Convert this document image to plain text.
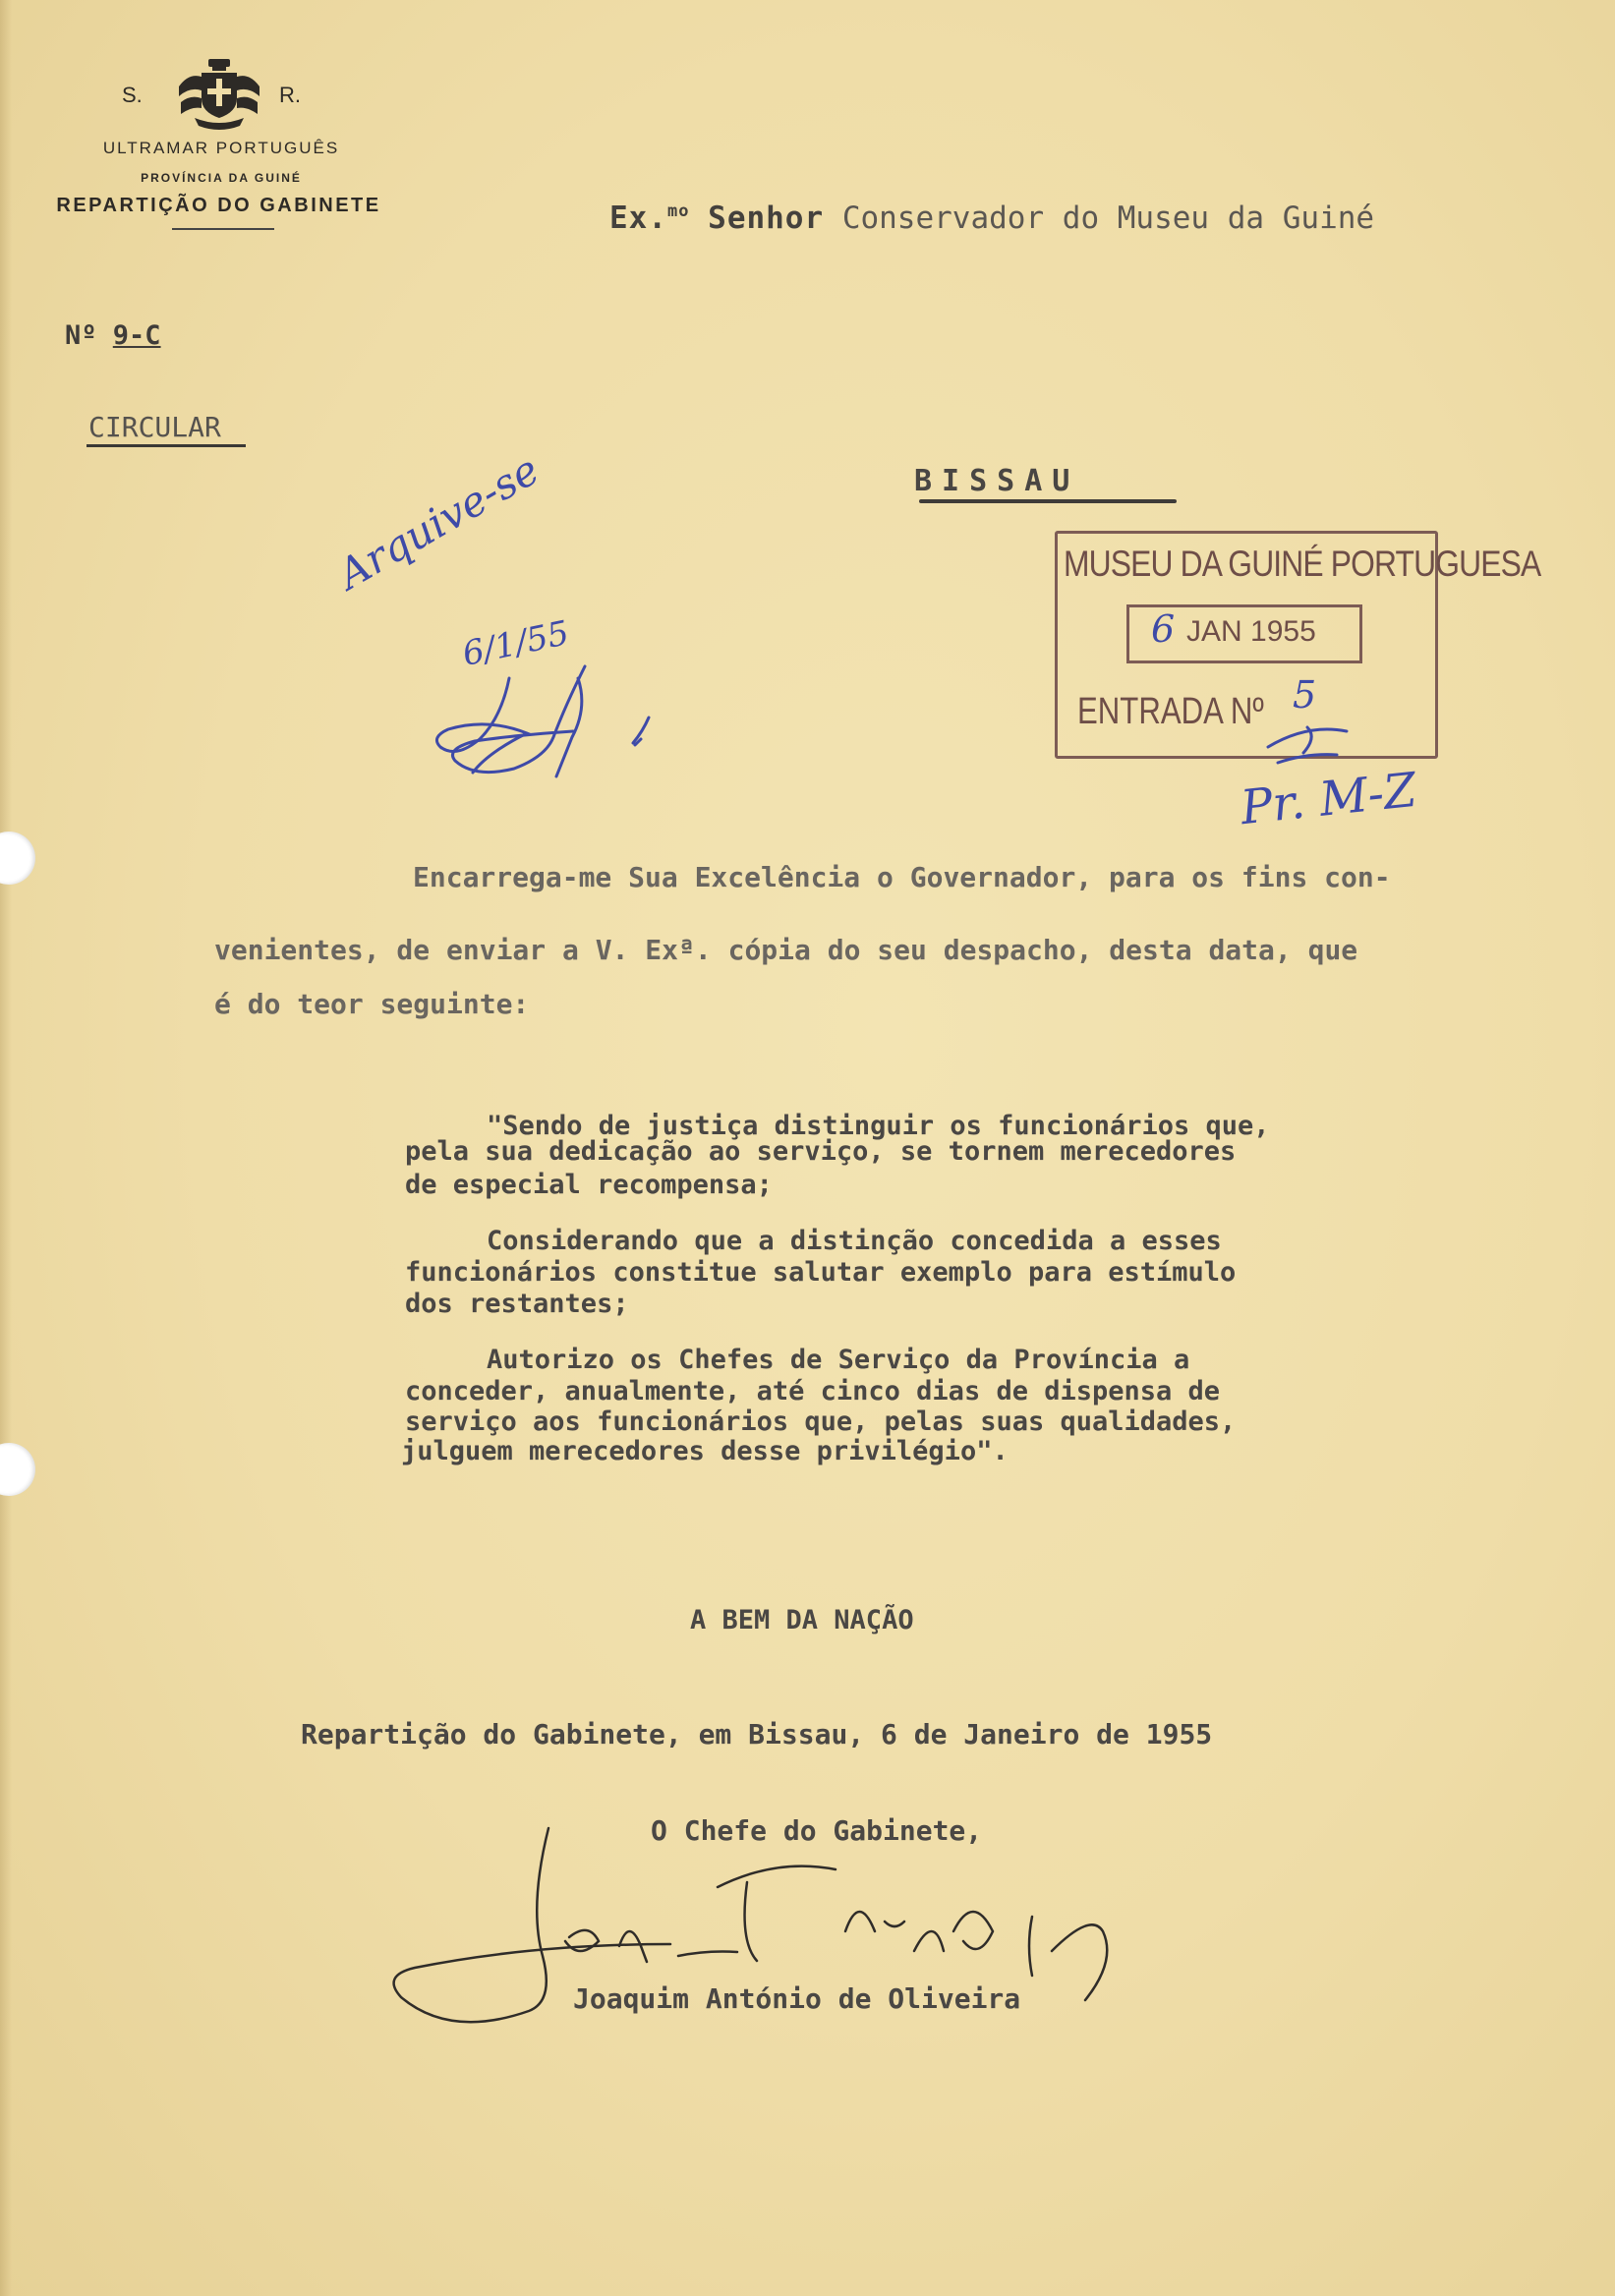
S.	R.
ULTRAMAR PORTUGUÊS
PROVÍNCIA DA GUINÉ
REPARTIÇÃO DO GABINETE	Ex.$^{mo}$ Senhor Conservador do Museu da Guiné
Nº 9-C
CIRCULAR
BISSAU
MUSEU DA GUINÉ PORTUGUESA
6 JAN 1955
ENTRADA Nº 5
Pr. M-Z
Arquive-se
6/1/55
Encarrega-me Sua Excelência o Governador, para os fins con-
venientes, de enviar a V. Exª. cópia do seu despacho, desta data, que
é do teor seguinte:
"Sendo de justiça distinguir os funcionários que,
pela sua dedicação ao serviço, se tornem merecedores
de especial recompensa;
Considerando que a distinção concedida a esses
funcionários constitue salutar exemplo para estímulo
dos restantes;
Autorizo os Chefes de Serviço da Província a
conceder, anualmente, até cinco dias de dispensa de
serviço aos funcionários que, pelas suas qualidades,
julguem merecedores desse privilégio".
A BEM DA NAÇÃO
Repartição do Gabinete, em Bissau, 6 de Janeiro de 1955
O Chefe do Gabinete,
Joaquim António de Oliveira
